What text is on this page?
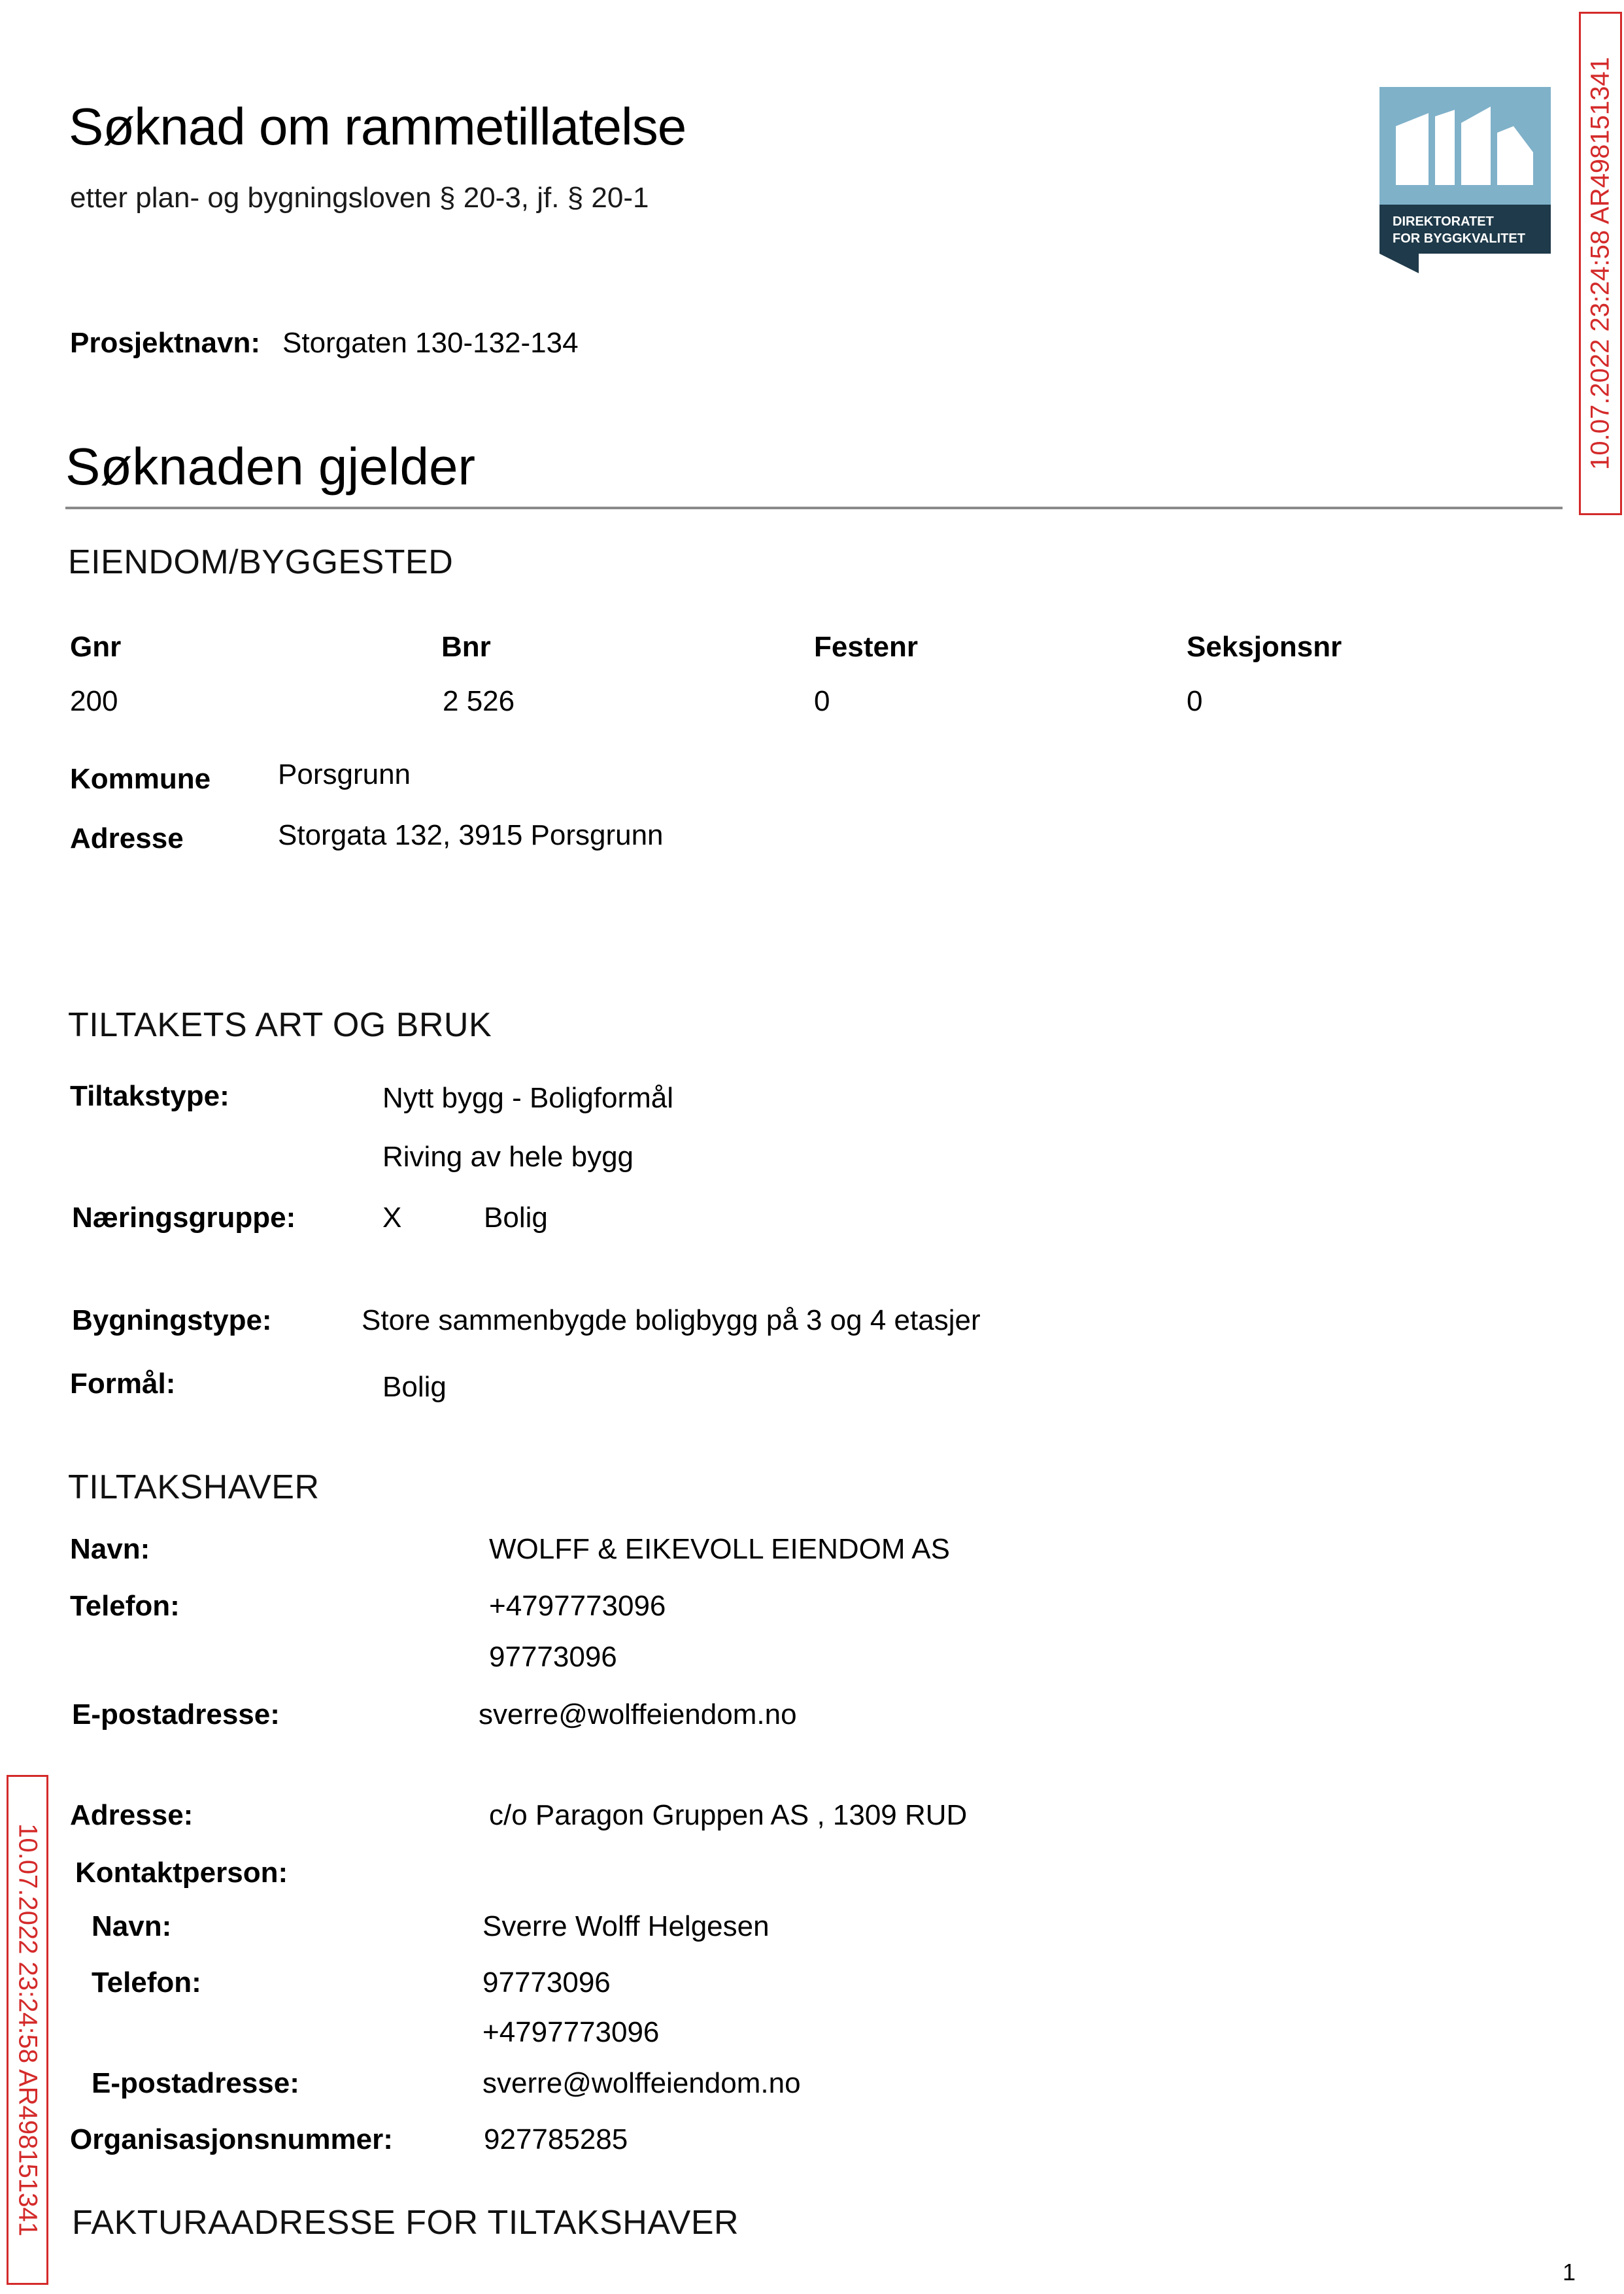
Søknad om rammetillatelse
etter plan- og bygningsloven § 20-3, jf. § 20-1
DIREKTORATET
FOR BYGGKVALITET 10.07.2022 23:24:58 AR498151341
10.07.2022 23:24:58 AR498151341
Prosjektnavn: Storgaten 130-132-134
Søknaden gjelder
EIENDOM/BYGGESTED
Gnr	Bnr	Festenr	Seksjonsnr
200	2 526	0	0
Kommune Porsgrunn
Adresse	Storgata 132, 3915 Porsgrunn
TILTAKETS ART OG BRUK
Tiltakstype:	Nytt bygg - Boligformål
Riving av hele bygg
Næringsgruppe:	X	Bolig
Bygningstype:	Store sammenbygde boligbygg på 3 og 4 etasjer
Formål:	Bolig
TILTAKSHAVER
Navn:	WOLFF & EIKEVOLL EIENDOM AS
Telefon:	+4797773096
97773096
E-postadresse:	sverre@wolffeiendom.no
Adresse:	c/o Paragon Gruppen AS , 1309 RUD
Kontaktperson:
Navn:	Sverre Wolff Helgesen
Telefon:	97773096
+4797773096
E-postadresse:	sverre@wolffeiendom.no
Organisasjonsnummer:	927785285
FAKTURAADRESSE FOR TILTAKSHAVER
1
